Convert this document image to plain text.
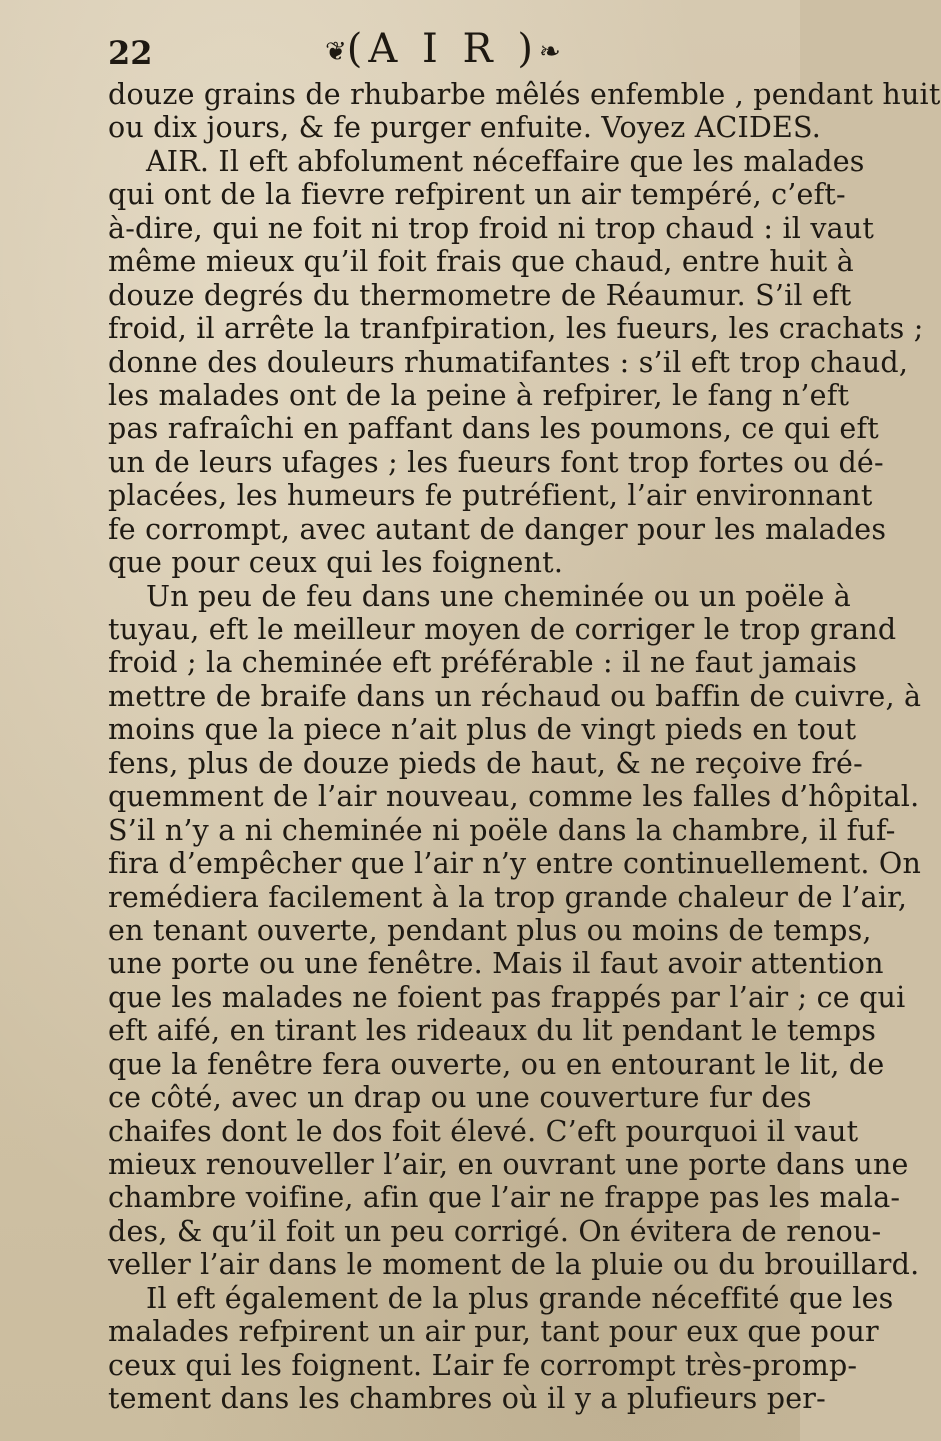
22	❦(A I R )❧
douze grains de rhubarbe mêlés enfemble , pendant huit
ou dix jours, & fe purger enfuite. Voyez ACIDES.
AIR. Il eft abfolument néceffaire que les malades
qui ont de la fievre refpirent un air tempéré, c’eft-
à-dire, qui ne foit ni trop froid ni trop chaud : il vaut
même mieux qu’il foit frais que chaud, entre huit à
douze degrés du thermometre de Réaumur. S’il eft
froid, il arrête la tranfpiration, les fueurs, les crachats ;
donne des douleurs rhumatifantes : s’il eft trop chaud,
les malades ont de la peine à refpirer, le fang n’eft
pas rafraîchi en paffant dans les poumons, ce qui eft
un de leurs ufages ; les fueurs font trop fortes ou dé-
placées, les humeurs fe putréfient, l’air environnant
fe corrompt, avec autant de danger pour les malades
que pour ceux qui les foignent.
Un peu de feu dans une cheminée ou un poële à
tuyau, eft le meilleur moyen de corriger le trop grand
froid ; la cheminée eft préférable : il ne faut jamais
mettre de braife dans un réchaud ou baffin de cuivre, à
moins que la piece n’ait plus de vingt pieds en tout
fens, plus de douze pieds de haut, & ne reçoive fré-
quemment de l’air nouveau, comme les falles d’hôpital.
S’il n’y a ni cheminée ni poële dans la chambre, il fuf-
fira d’empêcher que l’air n’y entre continuellement. On
remédiera facilement à la trop grande chaleur de l’air,
en tenant ouverte, pendant plus ou moins de temps,
une porte ou une fenêtre. Mais il faut avoir attention
que les malades ne foient pas frappés par l’air ; ce qui
eft aifé, en tirant les rideaux du lit pendant le temps
que la fenêtre fera ouverte, ou en entourant le lit, de
ce côté, avec un drap ou une couverture fur des
chaifes dont le dos foit élevé. C’eft pourquoi il vaut
mieux renouveller l’air, en ouvrant une porte dans une
chambre voifine, afin que l’air ne frappe pas les mala-
des, & qu’il foit un peu corrigé. On évitera de renou-
veller l’air dans le moment de la pluie ou du brouillard.
Il eft également de la plus grande néceffité que les
malades refpirent un air pur, tant pour eux que pour
ceux qui les foignent. L’air fe corrompt très-promp-
tement dans les chambres où il y a plufieurs per-
